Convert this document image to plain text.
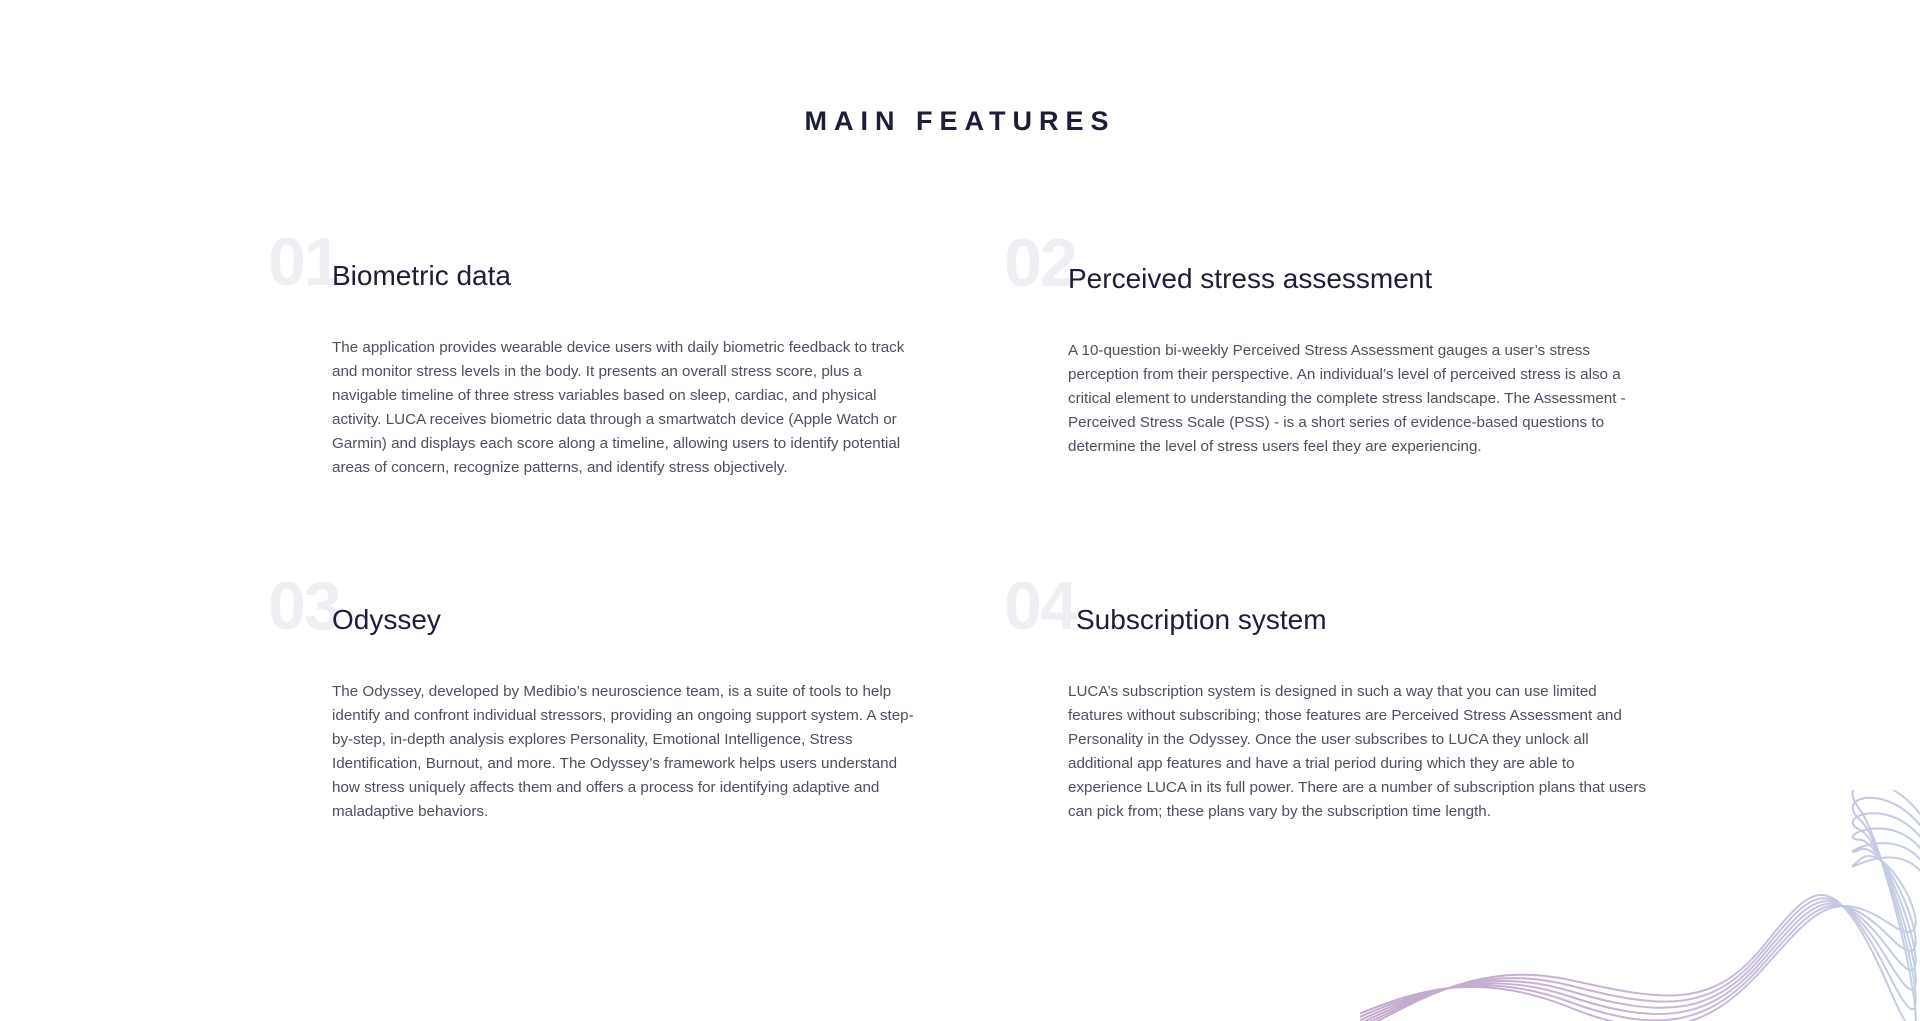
MAIN FEATURES
01
Biometric data

The application provides wearable device users with daily biometric feedback to track and monitor stress levels in the body. It presents an overall stress score, plus a navigable timeline of three stress variables based on sleep, cardiac, and physical activity. LUCA receives biometric data through a smartwatch device (Apple Watch or Garmin) and displays each score along a timeline, allowing users to identify potential areas of concern, recognize patterns, and identify stress objectively.

02
Perceived stress assessment

A 10-question bi-weekly Perceived Stress Assessment gauges a user’s stress perception from their perspective. An individual’s level of perceived stress is also a critical element to understanding the complete stress landscape. The Assessment - Perceived Stress Scale (PSS) - is a short series of evidence-based questions to determine the level of stress users feel they are experiencing.

03
Odyssey

The Odyssey, developed by Medibio’s neuroscience team, is a suite of tools to help identify and confront individual stressors, providing an ongoing support system. A step-by-step, in-depth analysis explores Personality, Emotional Intelligence, Stress Identification, Burnout, and more. The Odyssey’s framework helps users understand how stress uniquely affects them and offers a process for identifying adaptive and maladaptive behaviors.

04 Subscription system

LUCA’s subscription system is designed in such a way that you can use limited features without subscribing; those features are Perceived Stress Assessment and Personality in the Odyssey. Once the user subscribes to LUCA they unlock all additional app features and have a trial period during which they are able to experience LUCA in its full power. There are a number of subscription plans that users can pick from; these plans vary by the subscription time length.
